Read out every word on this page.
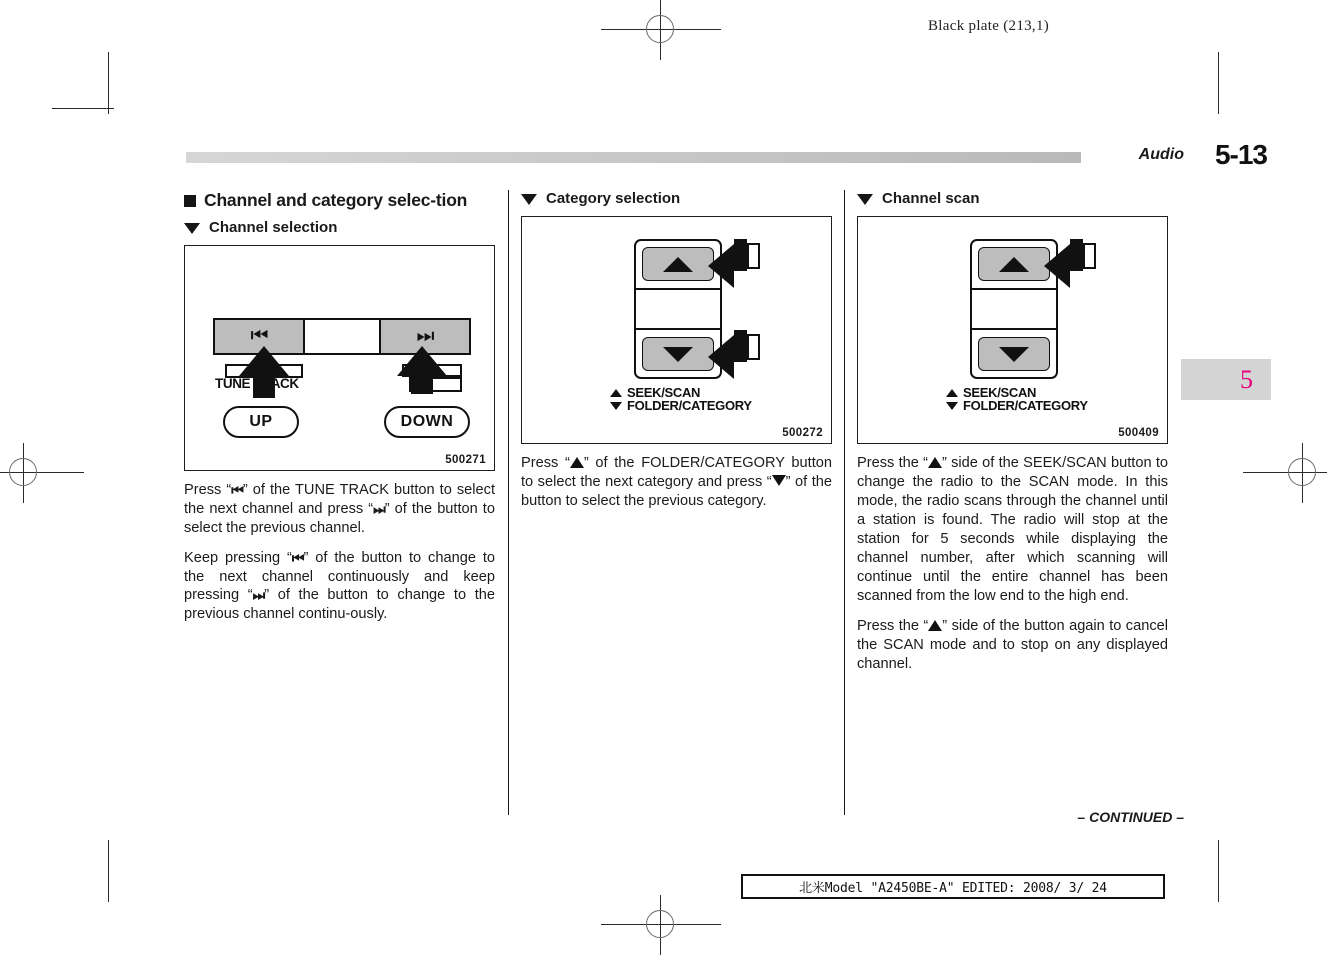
Black plate (213,1)
Audio 5-13
5
Channel and category selec-tion
Channel selection
⏮	⏭
TUNE TRACK
UP	DOWN
500271

Press “⏮” of the TUNE TRACK button to select the next channel and press “⏭” of the button to select the previous channel.

Keep pressing “⏮” of the button to change to the next channel continuously and keep pressing “⏭” of the button to change to the previous channel continu-ously.

Category selection
SEEK/SCAN
FOLDER/CATEGORY
500272

Press “ ” of the FOLDER/CATEGORY button to select the next category and press “ ” of the button to select the previous category.

Channel scan
SEEK/SCAN
FOLDER/CATEGORY
500409

Press the “ ” side of the SEEK/SCAN button to change the radio to the SCAN mode. In this mode, the radio scans through the channel until a station is found. The radio will stop at the station for 5 seconds while displaying the channel number, after which scanning will continue until the entire channel has been scanned from the low end to the high end.

Press the “ ” side of the button again to cancel the SCAN mode and to stop on any displayed channel.

– CONTINUED –
北米Model "A2450BE-A" EDITED: 2008/ 3/ 24
